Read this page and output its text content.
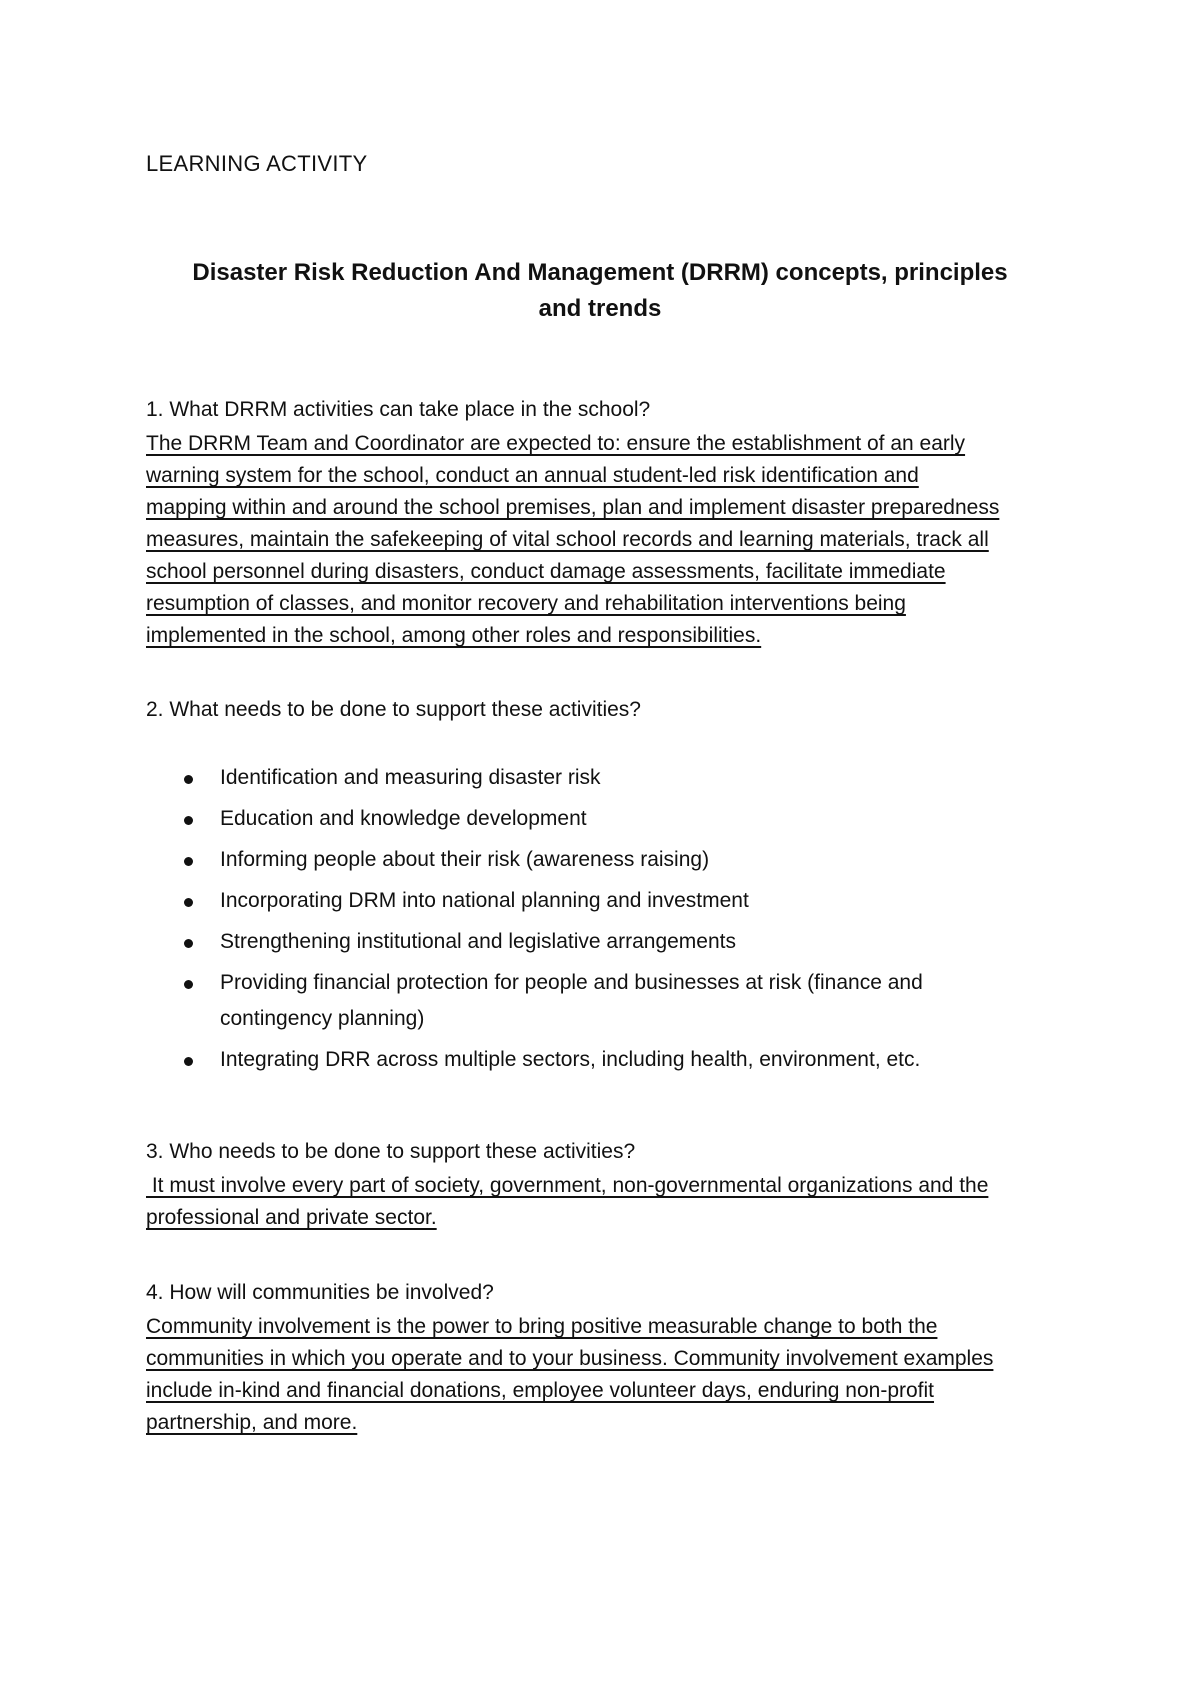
LEARNING ACTIVITY
Disaster Risk Reduction And Management (DRRM) concepts, principles
and trends
1. What DRRM activities can take place in the school?
The DRRM Team and Coordinator are expected to: ensure the establishment of an early
warning system for the school, conduct an annual student-led risk identification and
mapping within and around the school premises, plan and implement disaster preparedness
measures, maintain the safekeeping of vital school records and learning materials, track all
school personnel during disasters, conduct damage assessments, facilitate immediate
resumption of classes, and monitor recovery and rehabilitation interventions being
implemented in the school, among other roles and responsibilities.
2. What needs to be done to support these activities?
Identification and measuring disaster risk
Education and knowledge development
Informing people about their risk (awareness raising)
Incorporating DRM into national planning and investment
Strengthening institutional and legislative arrangements
Providing financial protection for people and businesses at risk (finance and
contingency planning)
Integrating DRR across multiple sectors, including health, environment, etc.
3. Who needs to be done to support these activities?
It must involve every part of society, government, non-governmental organizations and the
professional and private sector.
4. How will communities be involved?
Community involvement is the power to bring positive measurable change to both the
communities in which you operate and to your business. Community involvement examples
include in-kind and financial donations, employee volunteer days, enduring non-profit
partnership, and more.
